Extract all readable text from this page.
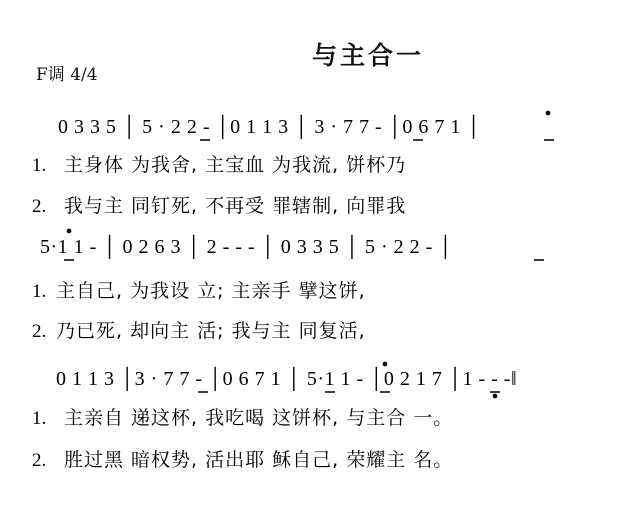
与主合一
F调 4/4
0 3 3 5 │ 5 · 2 2 - │0 1 1 3 │ 3 · 7 7 - │0 6 7 1 │
1. 主身体 为我舍, 主宝血 为我流, 饼杯乃
2. 我与主 同钉死, 不再受 罪辖制, 向罪我
5·1 1 - │ 0 2 6 3 │ 2 - - - │ 0 3 3 5 │ 5 · 2 2 - │
1. 主自己, 为我设 立; 主亲手 擘这饼,
2. 乃已死, 却向主 活; 我与主 同复活,
0 1 1 3 │3 · 7 7 - │0 6 7 1 │ 5·1 1 - │0 2 1 7 │1 - - -‖
1. 主亲自 递这杯, 我吃喝 这饼杯, 与主合 一。
2. 胜过黑 暗权势, 活出耶 稣自己, 荣耀主 名。
